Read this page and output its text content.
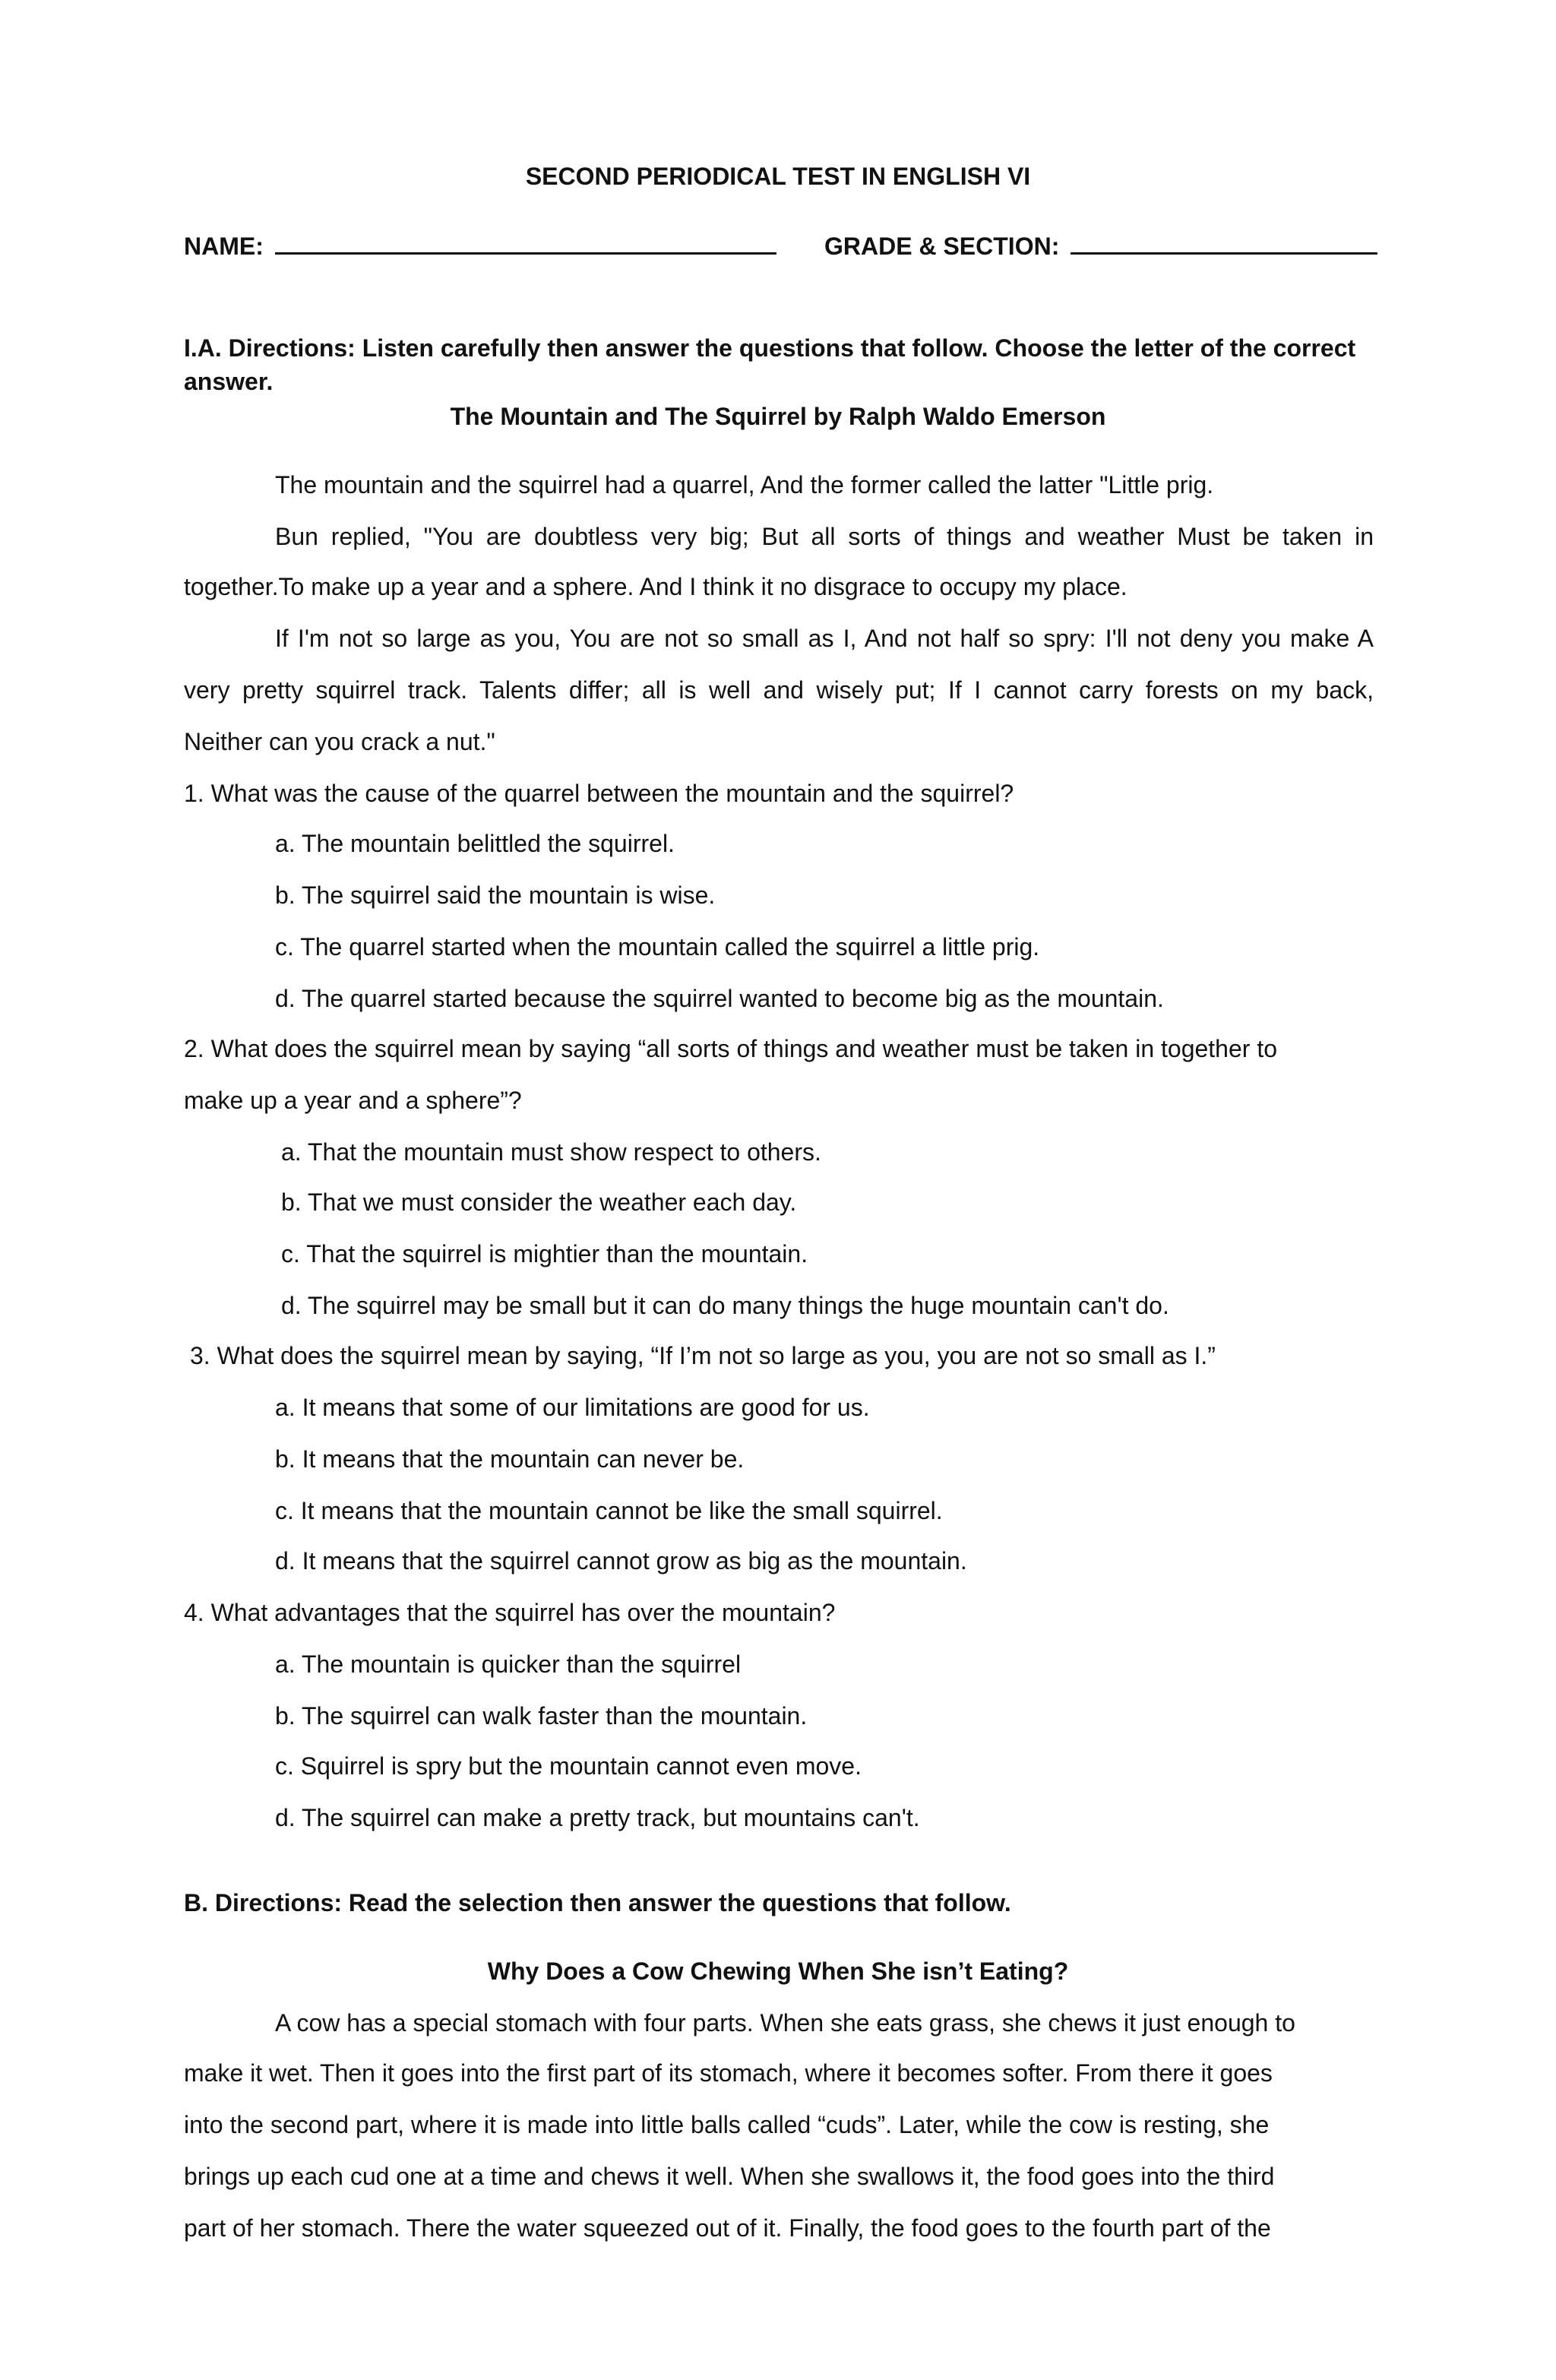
SECOND PERIODICAL TEST IN ENGLISH VI
NAME:	GRADE & SECTION:
I.A. Directions: Listen carefully then answer the questions that follow. Choose the letter of the correct
answer.
The Mountain and The Squirrel by Ralph Waldo Emerson
The mountain and the squirrel had a quarrel, And the former called the latter "Little prig.
Bun replied, "You are doubtless very big; But all sorts of things and weather Must be taken in
together.To make up a year and a sphere. And I think it no disgrace to occupy my place.
If I'm not so large as you, You are not so small as I, And not half so spry: I'll not deny you make A
very pretty squirrel track. Talents differ; all is well and wisely put; If I cannot carry forests on my back,
Neither can you crack a nut."
1. What was the cause of the quarrel between the mountain and the squirrel?
a. The mountain belittled the squirrel.
b. The squirrel said the mountain is wise.
c. The quarrel started when the mountain called the squirrel a little prig.
d. The quarrel started because the squirrel wanted to become big as the mountain.
2. What does the squirrel mean by saying “all sorts of things and weather must be taken in together to
make up a year and a sphere”?
a. That the mountain must show respect to others.
b. That we must consider the weather each day.
c. That the squirrel is mightier than the mountain.
d. The squirrel may be small but it can do many things the huge mountain can't do.
3. What does the squirrel mean by saying, “If I’m not so large as you, you are not so small as I.”
a. It means that some of our limitations are good for us.
b. It means that the mountain can never be.
c. It means that the mountain cannot be like the small squirrel.
d. It means that the squirrel cannot grow as big as the mountain.
4. What advantages that the squirrel has over the mountain?
a. The mountain is quicker than the squirrel
b. The squirrel can walk faster than the mountain.
c. Squirrel is spry but the mountain cannot even move.
d. The squirrel can make a pretty track, but mountains can't.
B. Directions: Read the selection then answer the questions that follow.
Why Does a Cow Chewing When She isn’t Eating?
A cow has a special stomach with four parts. When she eats grass, she chews it just enough to
make it wet. Then it goes into the first part of its stomach, where it becomes softer. From there it goes
into the second part, where it is made into little balls called “cuds”. Later, while the cow is resting, she
brings up each cud one at a time and chews it well. When she swallows it, the food goes into the third
part of her stomach. There the water squeezed out of it. Finally, the food goes to the fourth part of the
